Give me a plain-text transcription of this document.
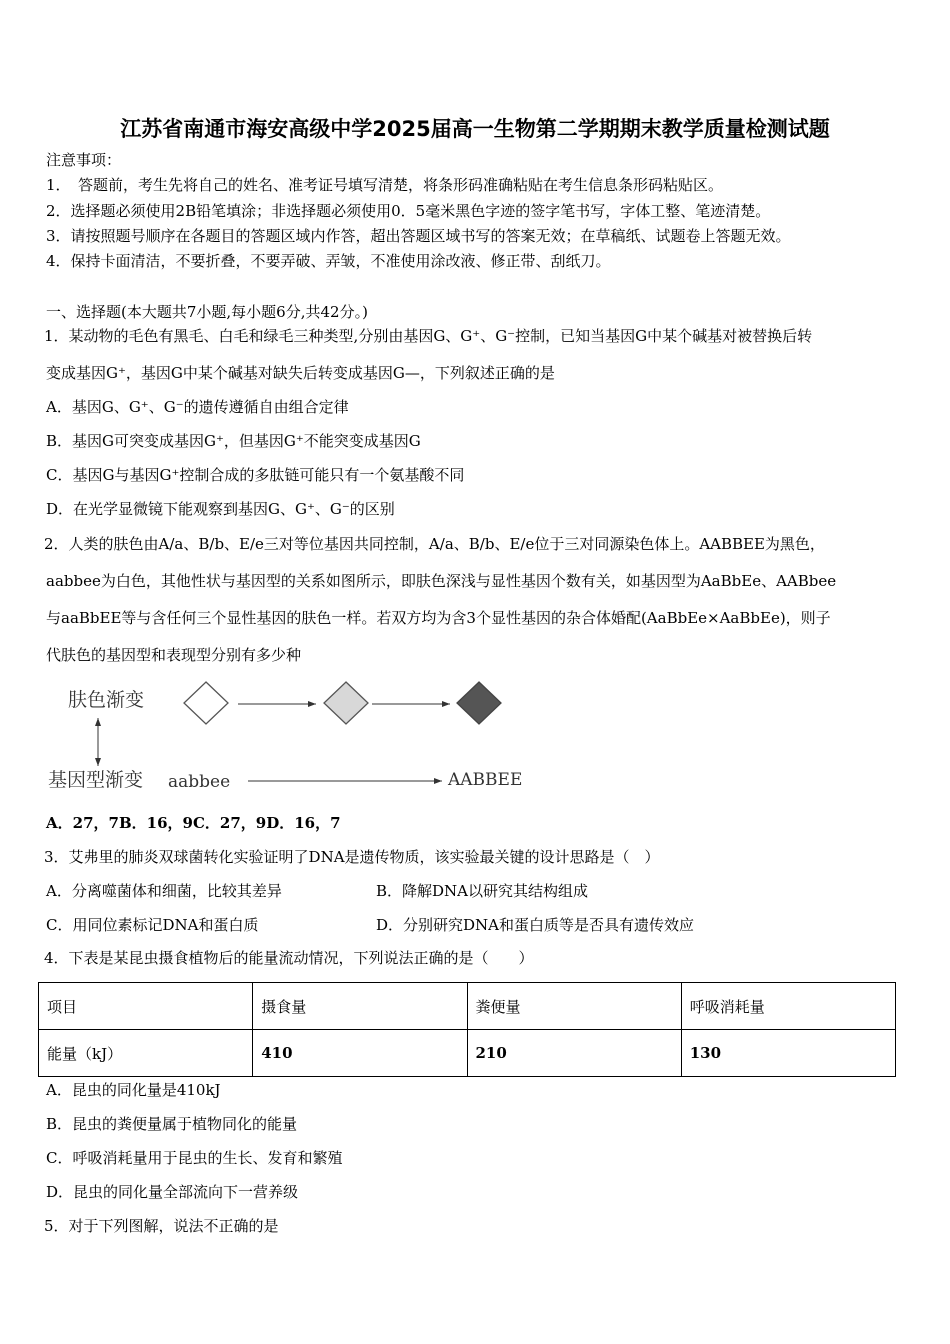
江苏省南通市海安高级中学2025届高一生物第二学期期末教学质量检测试题
注意事项：
1．　答题前，考生先将自己的姓名、准考证号填写清楚，将条形码准确粘贴在考生信息条形码粘贴区。
2．选择题必须使用2B铅笔填涂；非选择题必须使用0．5毫米黑色字迹的签字笔书写，字体工整、笔迹清楚。
3．请按照题号顺序在各题目的答题区域内作答，超出答题区域书写的答案无效；在草稿纸、试题卷上答题无效。
4．保持卡面清洁，不要折叠，不要弄破、弄皱，不准使用涂改液、修正带、刮纸刀。
一、选择题(本大题共7小题,每小题6分,共42分。)
1．某动物的毛色有黑毛、白毛和绿毛三种类型,分别由基因G、G⁺、G⁻控制，已知当基因G中某个碱基对被替换后转
变成基因G⁺，基因G中某个碱基对缺失后转变成基因G—，下列叙述正确的是
A．基因G、G⁺、G⁻的遗传遵循自由组合定律
B．基因G可突变成基因G⁺，但基因G⁺不能突变成基因G
C．基因G与基因G⁺控制合成的多肽链可能只有一个氨基酸不同
D．在光学显微镜下能观察到基因G、G⁺、G⁻的区别
2．人类的肤色由A/a、B/b、E/e三对等位基因共同控制，A/a、B/b、E/e位于三对同源染色体上。AABBEE为黑色，
aabbee为白色，其他性状与基因型的关系如图所示，即肤色深浅与显性基因个数有关，如基因型为AaBbEe、AABbee
与aaBbEE等与含任何三个显性基因的肤色一样。若双方均为含3个显性基因的杂合体婚配(AaBbEe×AaBbEe)，则子
代肤色的基因型和表现型分别有多少种
肤色渐变
基因型渐变 aabbee	AABBEE
A．27，7B．16，9C．27，9D．16，7
3．艾弗里的肺炎双球菌转化实验证明了DNA是遗传物质，该实验最关键的设计思路是（　）
A．分离噬菌体和细菌，比较其差异	B．降解DNA以研究其结构组成
C．用同位素标记DNA和蛋白质	D．分别研究DNA和蛋白质等是否具有遗传效应
4．下表是某昆虫摄食植物后的能量流动情况，下列说法正确的是（　　）
项目	摄食量	粪便量	呼吸消耗量
能量（kJ）	410	210	130
A．昆虫的同化量是410kJ
B．昆虫的粪便量属于植物同化的能量
C．呼吸消耗量用于昆虫的生长、发育和繁殖
D．昆虫的同化量全部流向下一营养级
5．对于下列图解，说法不正确的是
